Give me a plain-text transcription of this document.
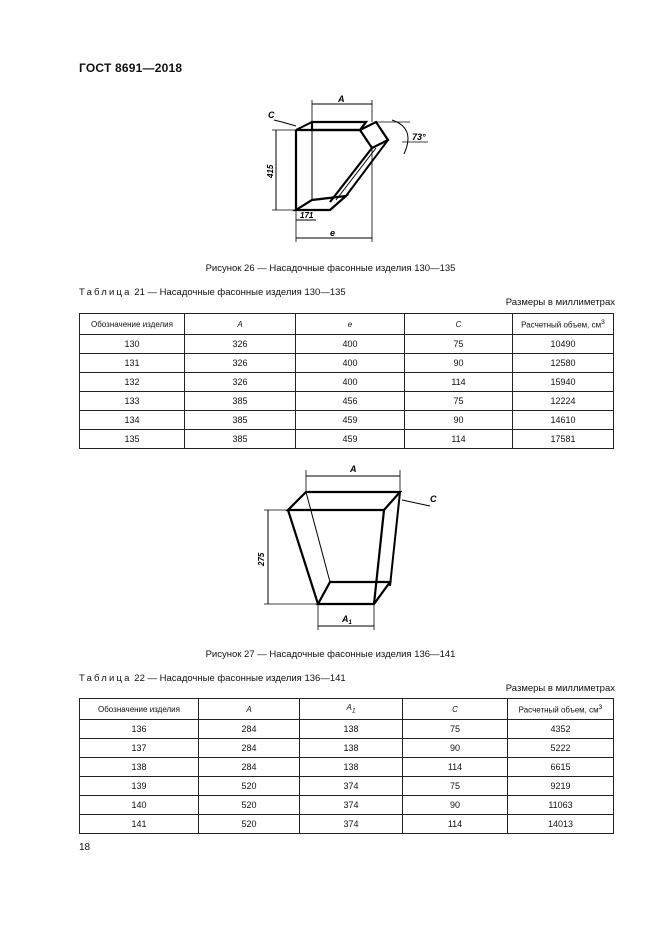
ГОСТ 8691—2018
A
C
415
171
e
73°
Рисунок 26 — Насадочные фасонные изделия 130—135
Таблица 21 — Насадочные фасонные изделия 130—135
Размеры в миллиметрах
Обозначение изделия	A	e	C	Расчетный объем, $см^3$
130	326	400	75	10490
131	326	400	90	12580
132	326	400	114	15940
133	385	456	75	12224
134	385	459	90	14610
135	385	459	114	17581
A
C
275
$A_1$
Рисунок 27 — Насадочные фасонные изделия 136—141
Таблица 22 — Насадочные фасонные изделия 136—141
Размеры в миллиметрах
Обозначение изделия	A	$A_1$	C	Расчетный объем, $см^3$
136	284	138	75	4352
137	284	138	90	5222
138	284	138	114	6615
139	520	374	75	9219
140	520	374	90	11063
141	520	374	114	14013
18
